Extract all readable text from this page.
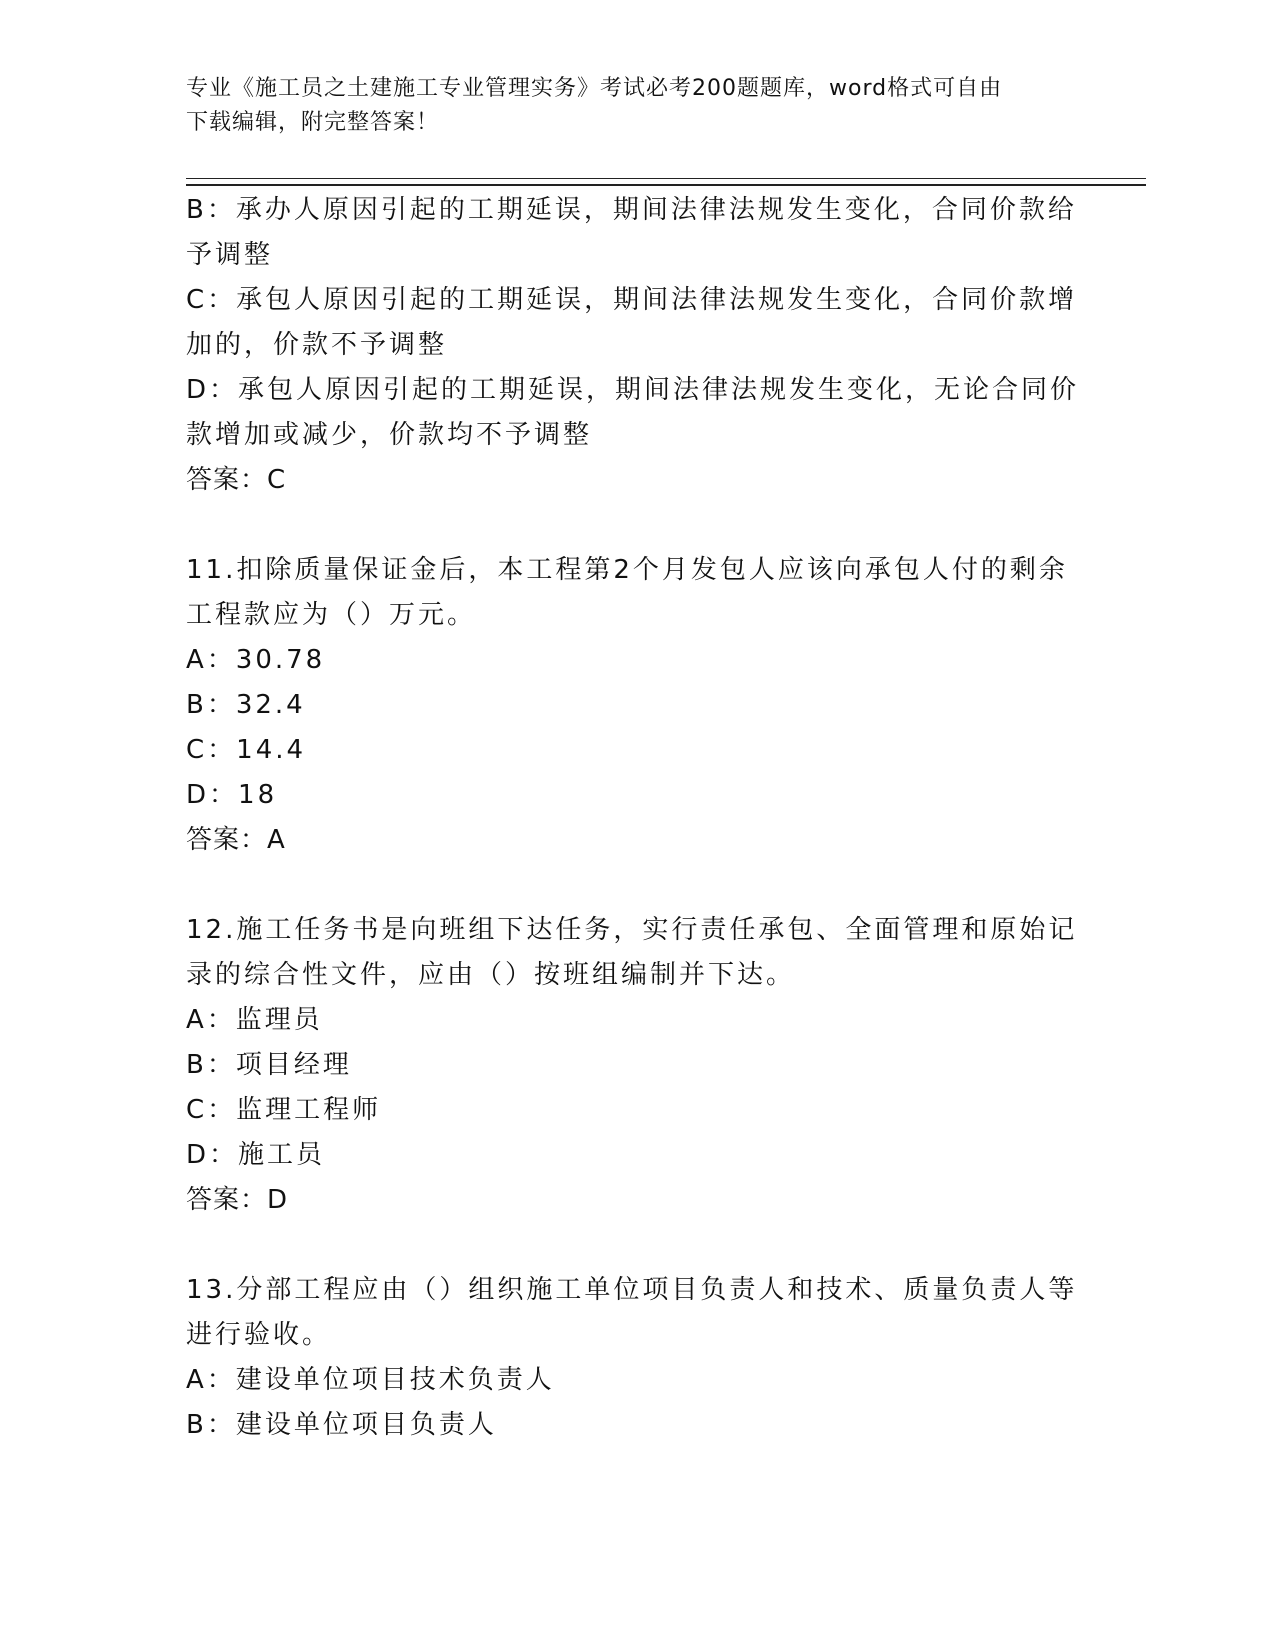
专业《施工员之土建施工专业管理实务》考试必考200题题库，word格式可自由
下载编辑，附完整答案！
B：承办人原因引起的工期延误，期间法律法规发生变化，合同价款给
予调整
C：承包人原因引起的工期延误，期间法律法规发生变化，合同价款增
加的，价款不予调整
D：承包人原因引起的工期延误，期间法律法规发生变化，无论合同价
款增加或减少，价款均不予调整
答案：C
11.扣除质量保证金后，本工程第2个月发包人应该向承包人付的剩余
工程款应为（）万元。
A：30.78
B：32.4
C：14.4
D：18
答案：A
12.施工任务书是向班组下达任务，实行责任承包、全面管理和原始记
录的综合性文件，应由（）按班组编制并下达。
A：监理员
B：项目经理
C：监理工程师
D：施工员
答案：D
13.分部工程应由（）组织施工单位项目负责人和技术、质量负责人等
进行验收。
A：建设单位项目技术负责人
B：建设单位项目负责人
